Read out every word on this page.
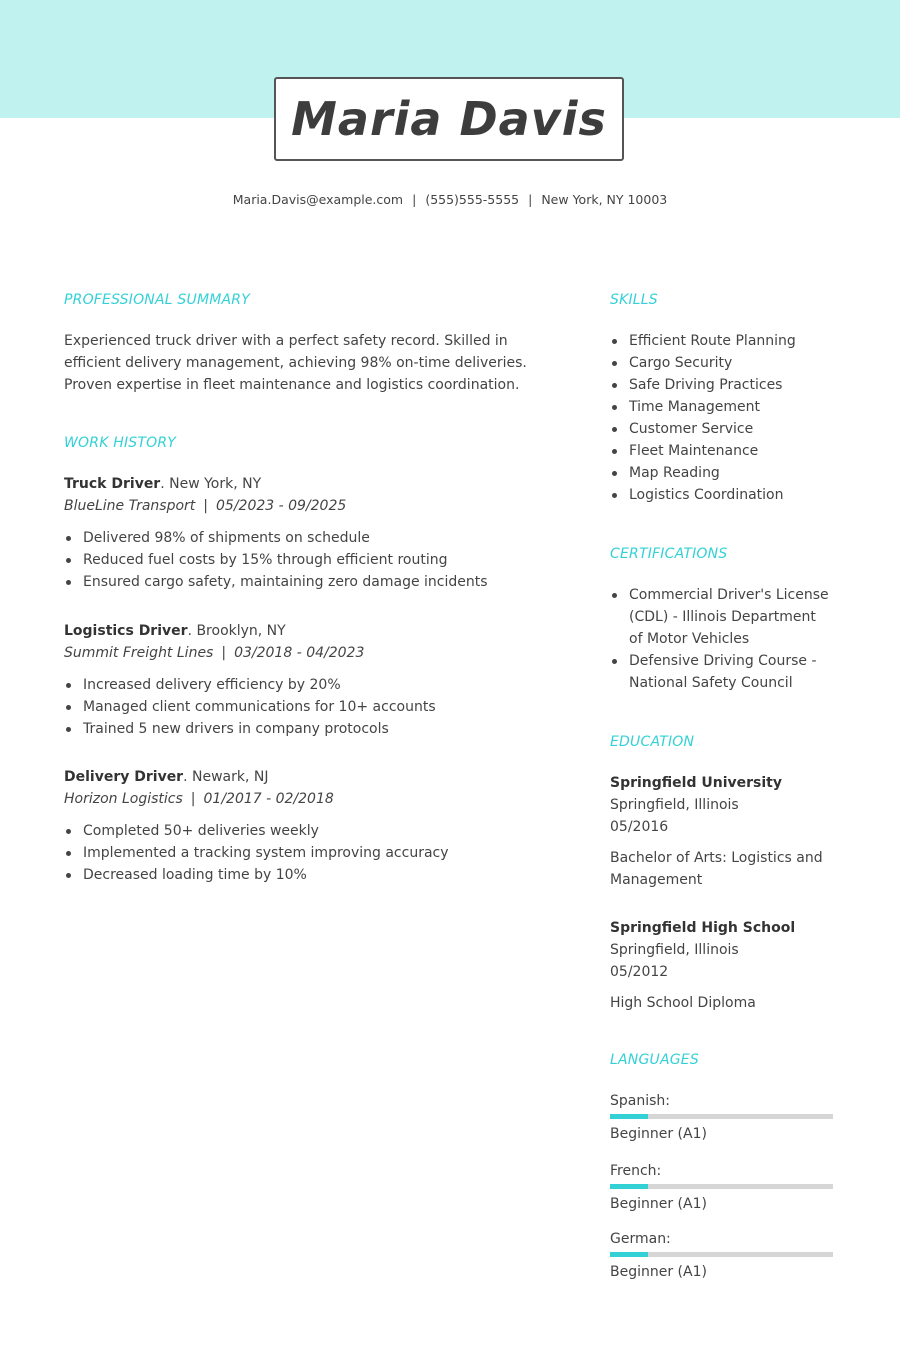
Maria Davis
Maria.Davis@example.com | (555)555-5555 | New York, NY 10003
PROFESSIONAL SUMMARY
Experienced truck driver with a perfect safety record. Skilled in efficient delivery management, achieving 98% on-time deliveries. Proven expertise in fleet maintenance and logistics coordination.
WORK HISTORY
Truck Driver. New York, NY
BlueLine Transport | 05/2023 - 09/2025
Delivered 98% of shipments on schedule
Reduced fuel costs by 15% through efficient routing
Ensured cargo safety, maintaining zero damage incidents
Logistics Driver. Brooklyn, NY
Summit Freight Lines | 03/2018 - 04/2023
Increased delivery efficiency by 20%
Managed client communications for 10+ accounts
Trained 5 new drivers in company protocols
Delivery Driver. Newark, NJ
Horizon Logistics | 01/2017 - 02/2018
Completed 50+ deliveries weekly
Implemented a tracking system improving accuracy
Decreased loading time by 10%
SKILLS
Efficient Route Planning
Cargo Security
Safe Driving Practices
Time Management
Customer Service
Fleet Maintenance
Map Reading
Logistics Coordination
CERTIFICATIONS
Commercial Driver's License (CDL) - Illinois Department of Motor Vehicles
Defensive Driving Course - National Safety Council
EDUCATION
Springfield University
Springfield, Illinois
05/2016
Bachelor of Arts: Logistics and Management
Springfield High School
Springfield, Illinois
05/2012
High School Diploma
LANGUAGES
Spanish:
Beginner (A1)
French:
Beginner (A1)
German:
Beginner (A1)
